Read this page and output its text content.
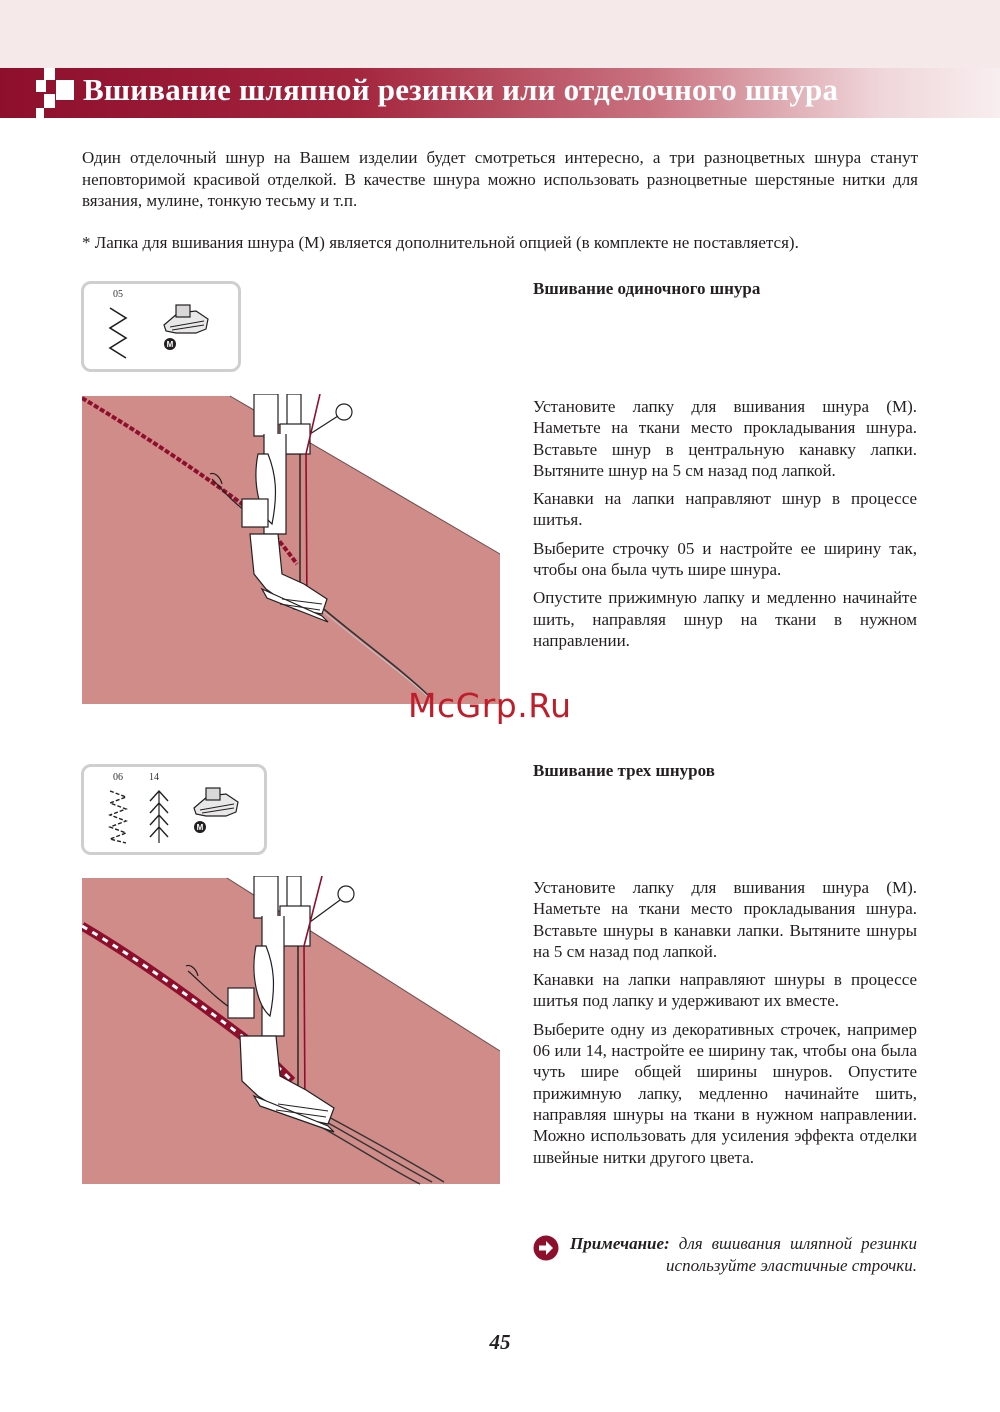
Вшивание шляпной резинки или отделочного шнура

Один отделочный шнур на Вашем изделии будет смотреться интересно, а три разноцветных шнура станут неповторимой красивой отделкой. В качестве шнура можно использовать разноцветные шерстяные нитки для вязания, мулине, тонкую тесьму и т.п.

* Лапка для вшивания шнура (М) является дополнительной опцией (в комплекте не поставляется).

05
M
Вшивание одиночного шнура

Установите лапку для вшивания шнура (М). Наметьте на ткани место прокладывания шнура. Вставьте шнур в центральную канавку лапки. Вытяните шнур на 5 см назад под лапкой.

Канавки на лапки направляют шнур в процессе шитья.

Выберите строчку 05 и настройте ее ширину так, чтобы она была чуть шире шнура.

Опустите прижимную лапку и медленно начинайте шить, направляя шнур на ткани в нужном направлении.

McGrp.Ru
06	14
M
Вшивание трех шнуров

Установите лапку для вшивания шнура (М). Наметьте на ткани место прокладывания шнура. Вставьте шнуры в канавки лапки. Вытяните шнуры на 5 см назад под лапкой.

Канавки на лапки направляют шнуры в процессе шитья под лапку и удерживают их вместе.

Выберите одну из декоративных строчек, например 06 или 14, настройте ее ширину так, чтобы она была чуть шире общей ширины шнуров. Опустите прижимную лапку, медленно начинайте шить, направляя шнуры на ткани в нужном направлении. Можно использовать для усиления эффекта отделки швейные нитки другого цвета.

Примечание: для вшивания шляпной резинки используйте эластичные строчки.

45
